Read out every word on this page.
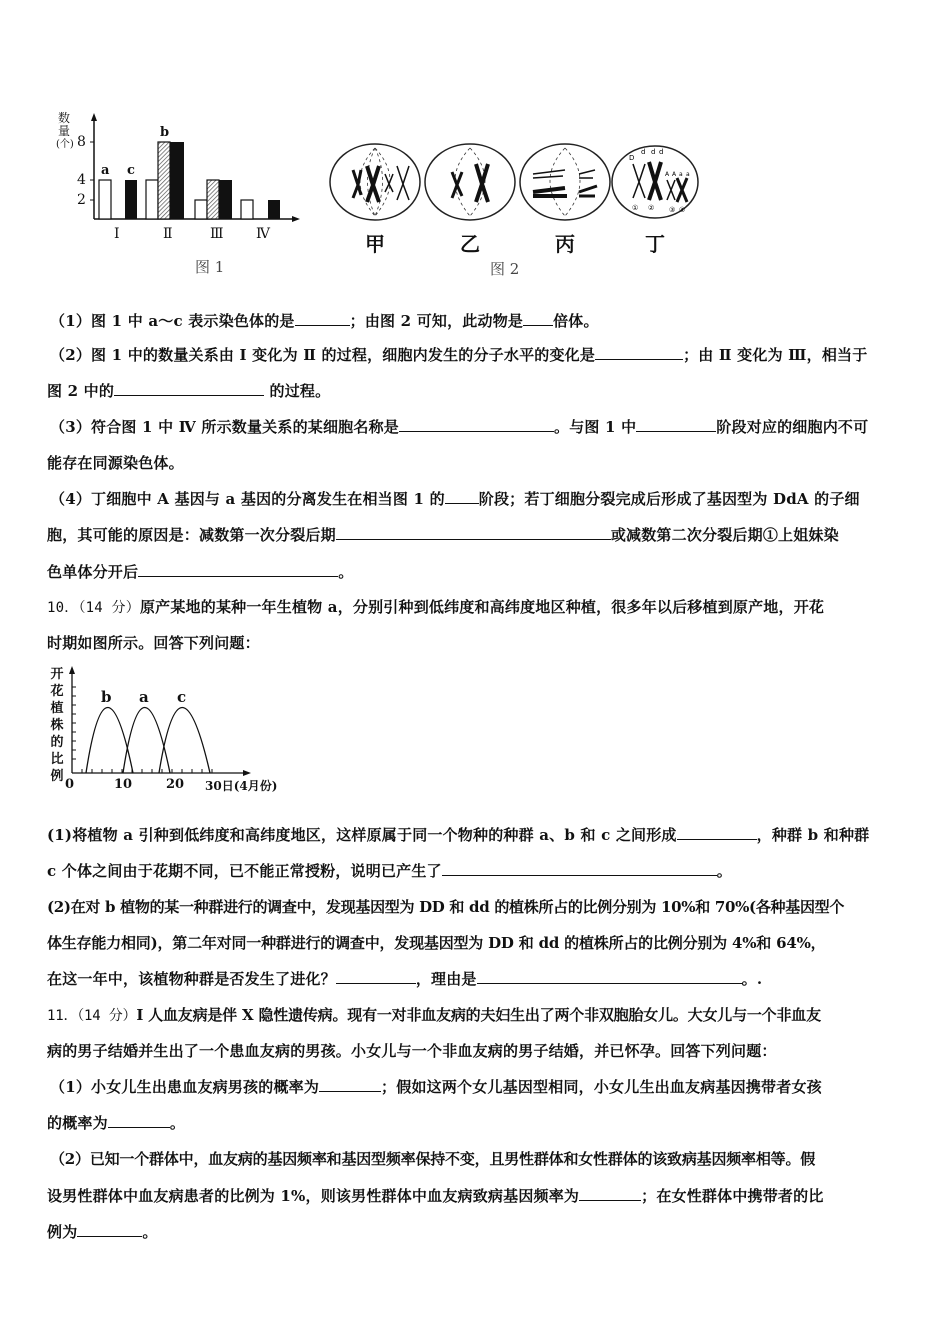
数
量
(个) 8
4
2
a c
b
Ⅰ	Ⅱ	Ⅲ Ⅳ
图 1
D
d d d
A A a a
① ② ③ ④
甲	乙	丙	丁
图 2
（1）图 1 中 a～c 表示染色体的是	；由图 2 可知，此动物是 倍体。
（2）图 1 中的数量关系由 Ⅰ 变化为 Ⅱ 的过程，细胞内发生的分子水平的变化是	；由 Ⅱ 变化为 Ⅲ，相当于
图 2 中的	的过程。
（3）符合图 1 中 Ⅳ 所示数量关系的某细胞名称是	。与图 1 中	阶段对应的细胞内不可
能存在同源染色体。
（4）丁细胞中 A 基因与 a 基因的分离发生在相当图 1 的 阶段；若丁细胞分裂完成后形成了基因型为 DdA 的子细
胞，其可能的原因是：减数第一次分裂后期	或减数第二次分裂后期①上姐妹染
色单体分开后	。
10．（14 分）原产某地的某种一年生植物 a，分别引种到低纬度和高纬度地区种植，很多年以后移植到原产地，开花
时期如图所示。回答下列问题：
开
花
植
株
的
比
例
b a c
0	10	20 30日(4月份)
(1)将植物 a 引种到低纬度和高纬度地区，这样原属于同一个物种的种群 a、b 和 c 之间形成	，种群 b 和种群
c 个体之间由于花期不同，已不能正常授粉，说明已产生了	。
(2)在对 b 植物的某一种群进行的调查中，发现基因型为 DD 和 dd 的植株所占的比例分别为 10%和 70%(各种基因型个
体生存能力相同)，第二年对同一种群进行的调查中，发现基因型为 DD 和 dd 的植株所占的比例分别为 4%和 64%，
在这一年中，该植物种群是否发生了进化？	，理由是	。.
11．（14 分）I 人血友病是伴 X 隐性遗传病。现有一对非血友病的夫妇生出了两个非双胞胎女儿。大女儿与一个非血友
病的男子结婚并生出了一个患血友病的男孩。小女儿与一个非血友病的男子结婚，并已怀孕。回答下列问题：
（1）小女儿生出患血友病男孩的概率为	；假如这两个女儿基因型相同，小女儿生出血友病基因携带者女孩
的概率为	。
（2）已知一个群体中，血友病的基因频率和基因型频率保持不变，且男性群体和女性群体的该致病基因频率相等。假
设男性群体中血友病患者的比例为 1%，则该男性群体中血友病致病基因频率为	；在女性群体中携带者的比
例为	。
